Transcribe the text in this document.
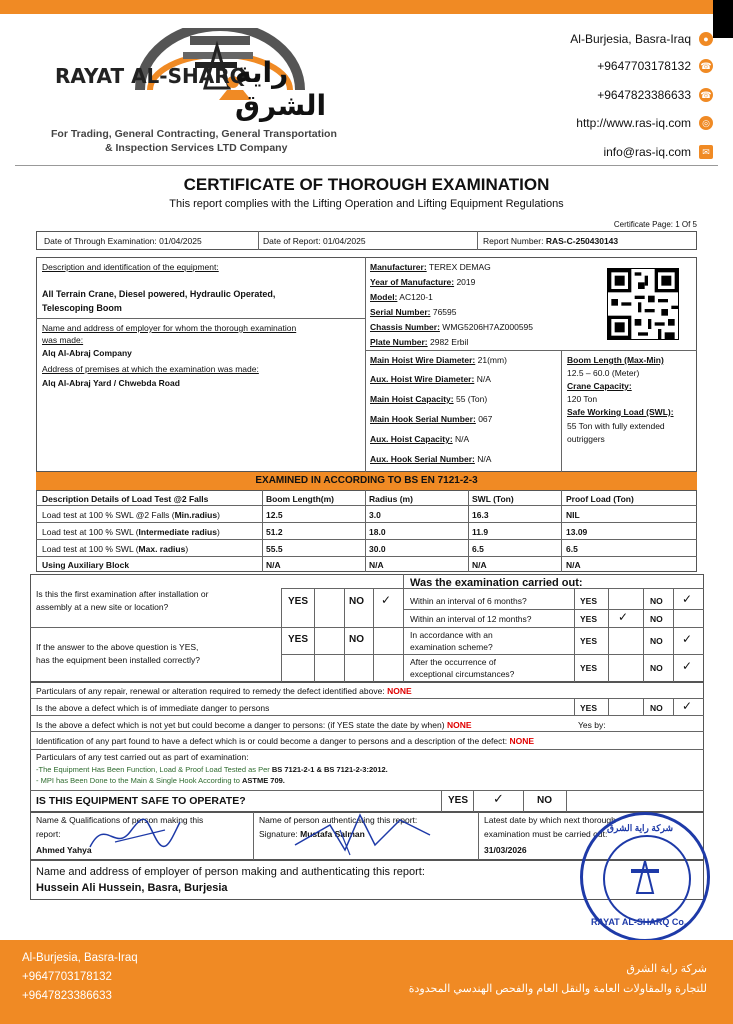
RAYAT AL-SHARQ
راية الشرق
For Trading, General Contracting, General Transportation
& Inspection Services LTD Company
Al-Burjesia, Basra-Iraq	●
+9647703178132 ☎
+9647823386633 ☎
http://www.ras-iq.com	◎
info@ras-iq.com	✉
CERTIFICATE OF THOROUGH EXAMINATION
This report complies with the Lifting Operation and Lifting Equipment Regulations
Certificate Page: 1 Of 5
Date of Through Examination: 01/04/2025	Date of Report: 01/04/2025	Report Number: RAS-C-250430143
Description and identification of the equipment:
All Terrain Crane, Diesel powered, Hydraulic Operated,
Telescoping Boom
Name and address of employer for whom the thorough examination
was made:
Alq Al-Abraj Company
Address of premises at which the examination was made:
Alq Al-Abraj Yard / Chwebda Road
Manufacturer: TEREX DEMAG
Year of Manufacture: 2019
Model: AC120-1
Serial Number: 76595
Chassis Number: WMG5206H7AZ000595
Plate Number: 2982 Erbil
Main Hoist Wire Diameter: 21(mm)
Aux. Hoist Wire Diameter: N/A
Main Hoist Capacity: 55 (Ton)
Main Hook Serial Number: 067
Aux. Hoist Capacity: N/A
Aux. Hook Serial Number: N/A
Boom Length (Max-Min)
12.5 – 60.0 (Meter)
Crane Capacity:
120 Ton
Safe Working Load (SWL):
55 Ton with fully extended
outriggers
EXAMINED IN ACCORDING TO BS EN 7121-2-3
Description Details of Load Test @2 Falls	Boom Length(m)	Radius (m)	SWL (Ton)	Proof Load (Ton)
Load test at 100 % SWL @2 Falls (Min.radius)	12.5	3.0	16.3	NIL
Load test at 100 % SWL (Intermediate radius)	51.2	18.0	11.9	13.09
Load test at 100 % SWL (Max. radius)	55.5	30.0	6.5	6.5
Using Auxiliary Block	N/A	N/A	N/A	N/A
Is this the first examination after installation or
assembly at a new site or location?	YES	NO ✓
If the answer to the above question is YES,
has the equipment been installed correctly?
YES	NO
Was the examination carried out:
Within an interval of 6 months?	YES	NO ✓
Within an interval of 12 months?	YES ✓	NO
In accordance with an
examination scheme?
YES	NO ✓
After the occurrence of
exceptional circumstances?
YES	NO ✓
Particulars of any repair, renewal or alteration required to remedy the defect identified above: NONE
Is the above a defect which is of immediate danger to persons	YES	NO ✓
Is the above a defect which is not yet but could become a danger to persons: (if YES state the date by when) NONE	Yes by:
Identification of any part found to have a defect which is or could become a danger to persons and a description of the defect: NONE
Particulars of any test carried out as part of examination:
-The Equipment Has Been Function, Load & Proof Load Tested as Per BS 7121-2-1 & BS 7121-2-3:2012.
- MPI has Been Done to the Main & Single Hook According to ASTME 709.
IS THIS EQUIPMENT SAFE TO OPERATE?	YES ✓	NO
Name & Qualifications of person making this
report:
Ahmed Yahya
Name of person authenticating this report:
Signature: Mustafa Salman
Latest date by which next thorough
examination must be carried out:
31/03/2026
Name and address of employer of person making and authenticating this report:
Hussein Ali Hussein, Basra, Burjesia
شركة راية الشرق
RAYAT AL-SHARQ Co.
Al-Burjesia, Basra-Iraq
+9647703178132
+9647823386633
شركة راية الشرق
للتجارة والمقاولات العامة والنقل العام والفحص الهندسي المحدودة
